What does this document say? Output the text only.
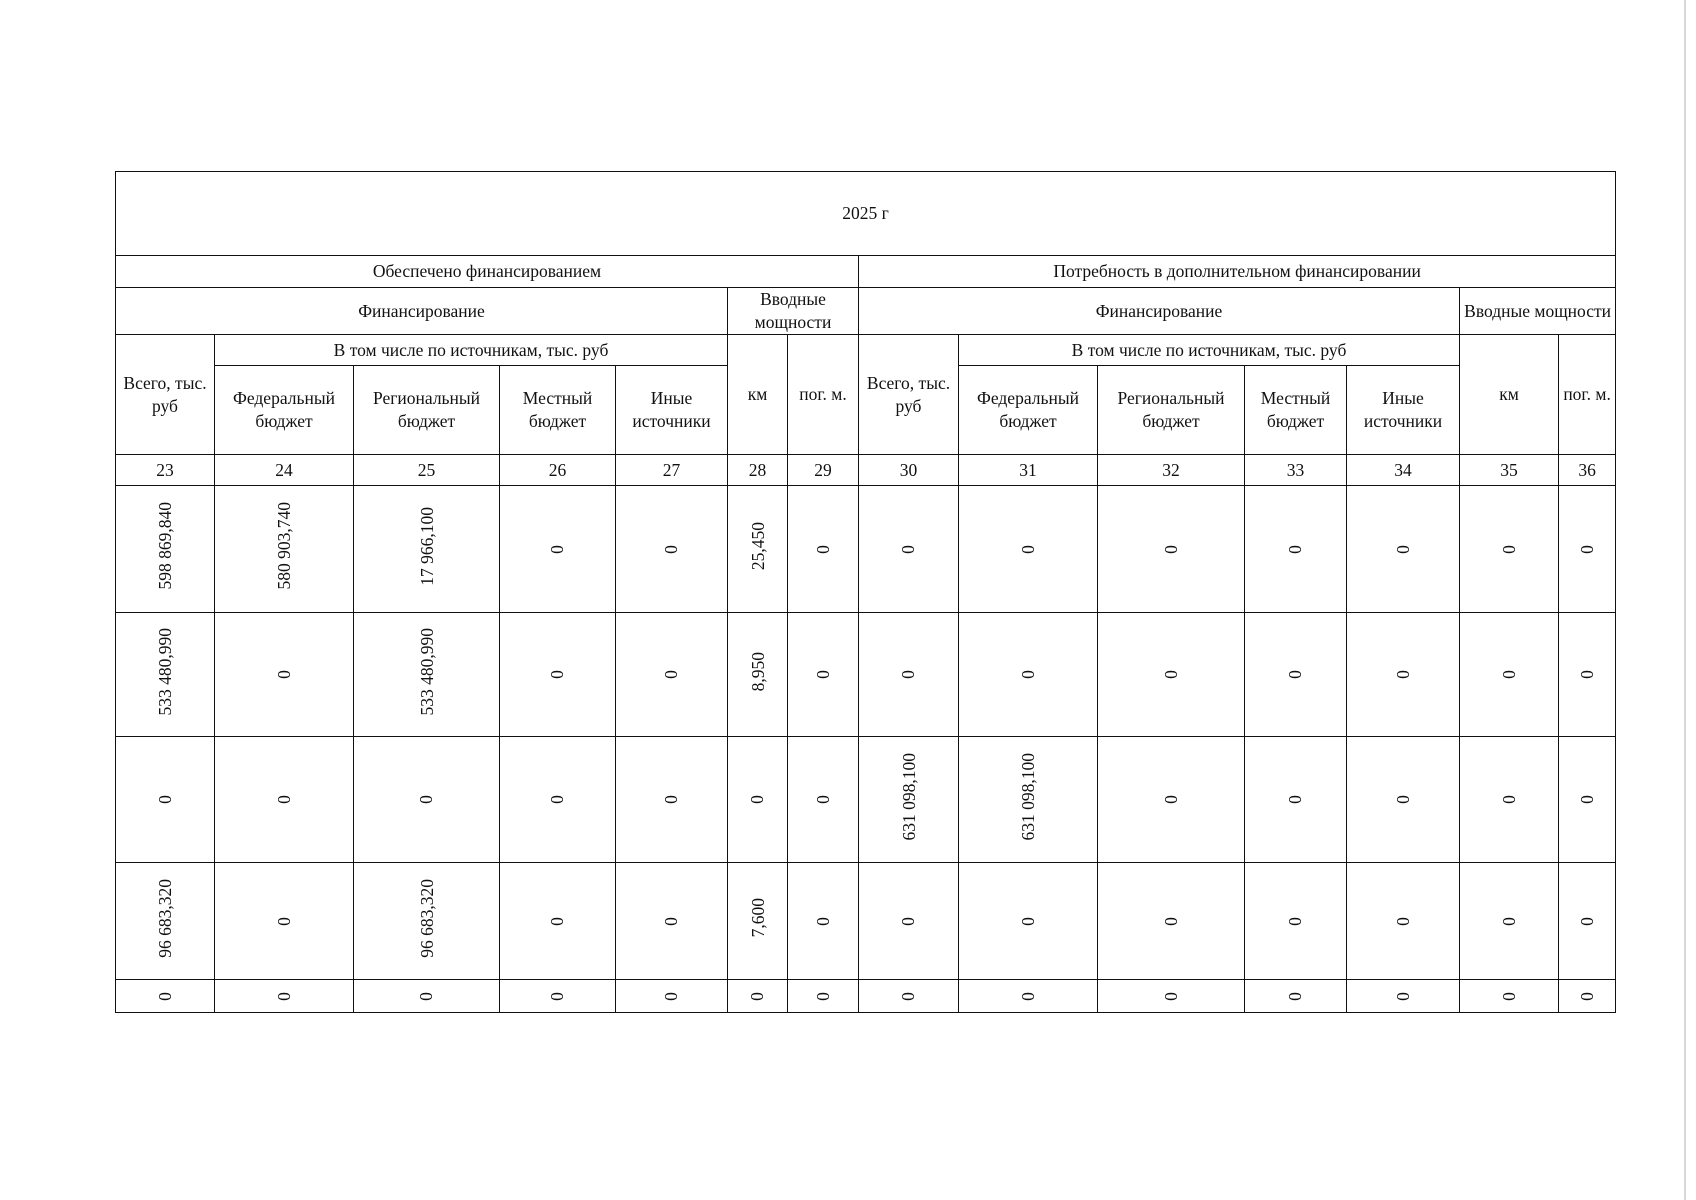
2025 г													
Обеспечено финансированием							Потребность в дополнительном финансировании						
Финансирование					Вводные мощности		Финансирование					Вводные мощности	
Всего, тыс. руб	В том числе по источникам, тыс. руб				км	пог. м.	Всего, тыс. руб	В том числе по источникам, тыс. руб				км	пог. м.
	Федеральный бюджет	Региональный бюджет	Местный бюджет	Иные источники				Федеральный бюджет	Региональный бюджет	Местный бюджет	Иные источники		
23	24	25	26	27	28	29	30	31	32	33	34	35	36
598 869,840	580 903,740	17 966,100	0	0	25,450	0	0	0	0	0	0	0	0
533 480,990	0	533 480,990	0	0	8,950	0	0	0	0	0	0	0	0
0	0	0	0	0	0	0	631 098,100	631 098,100	0	0	0	0	0
96 683,320	0	96 683,320	0	0	7,600	0	0	0	0	0	0	0	0
0	0	0	0	0	0	0	0	0	0	0	0	0	0
